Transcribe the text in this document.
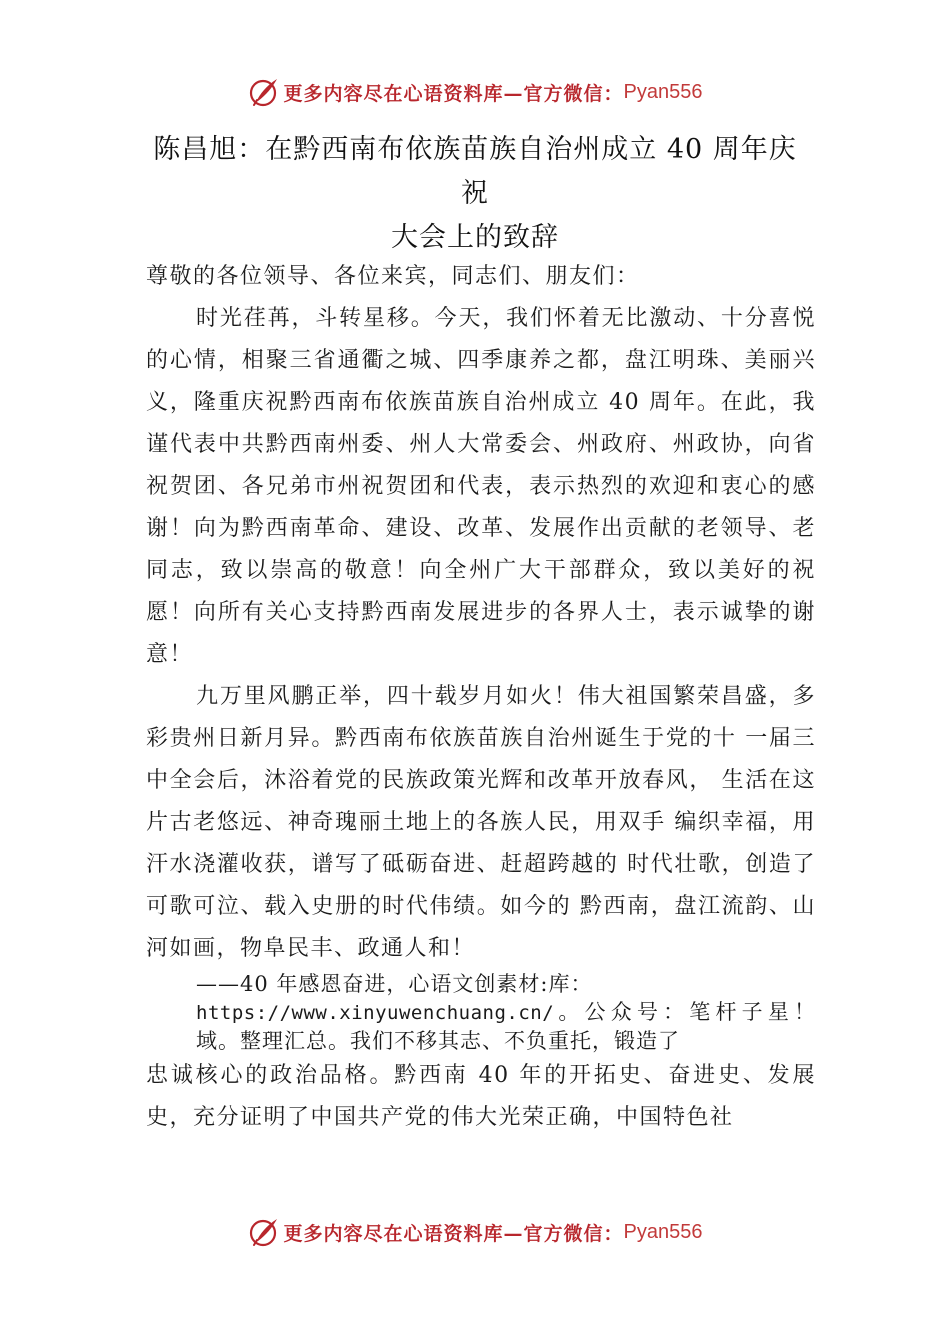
更多内容尽在心语资料库—官方微信： Pyan556
陈昌旭：在黔西南布依族苗族自治州成立 40 周年庆祝
大会上的致辞

尊敬的各位领导、各位来宾，同志们、朋友们：

时光荏苒，斗转星移。今天，我们怀着无比激动、十分喜悦的心情，相聚三省通衢之城、四季康养之都，盘江明珠、美丽兴义，隆重庆祝黔西南布依族苗族自治州成立 40 周年。在此，我谨代表中共黔西南州委、州人大常委会、州政府、州政协，向省祝贺团、各兄弟市州祝贺团和代表，表示热烈的欢迎和衷心的感谢！向为黔西南革命、建设、改革、发展作出贡献的老领导、老同志，致以崇高的敬意！向全州广大干部群众，致以美好的祝愿！向所有关心支持黔西南发展进步的各界人士，表示诚挚的谢意！

九万里风鹏正举，四十载岁月如火！伟大祖国繁荣昌盛，多彩贵州日新月异。黔西南布依族苗族自治州诞生于党的十 一届三中全会后，沐浴着党的民族政策光辉和改革开放春风， 生活在这片古老悠远、神奇瑰丽土地上的各族人民，用双手 编织幸福，用汗水浇灌收获，谱写了砥砺奋进、赶超跨越的 时代壮歌，创造了可歌可泣、载入史册的时代伟绩。如今的 黔西南，盘江流韵、山河如画，物阜民丰、政通人和！

——40 年感恩奋进，心语文创素材:库：
https://www.xinyuwenchuang.cn/。公众号：笔杆子星！域。整理汇总。我们不移其志、不负重托，锻造了

忠诚核心的政治品格。黔西南 40 年的开拓史、奋进史、发展史，充分证明了中国共产党的伟大光荣正确，中国特色社

更多内容尽在心语资料库—官方微信： Pyan556
